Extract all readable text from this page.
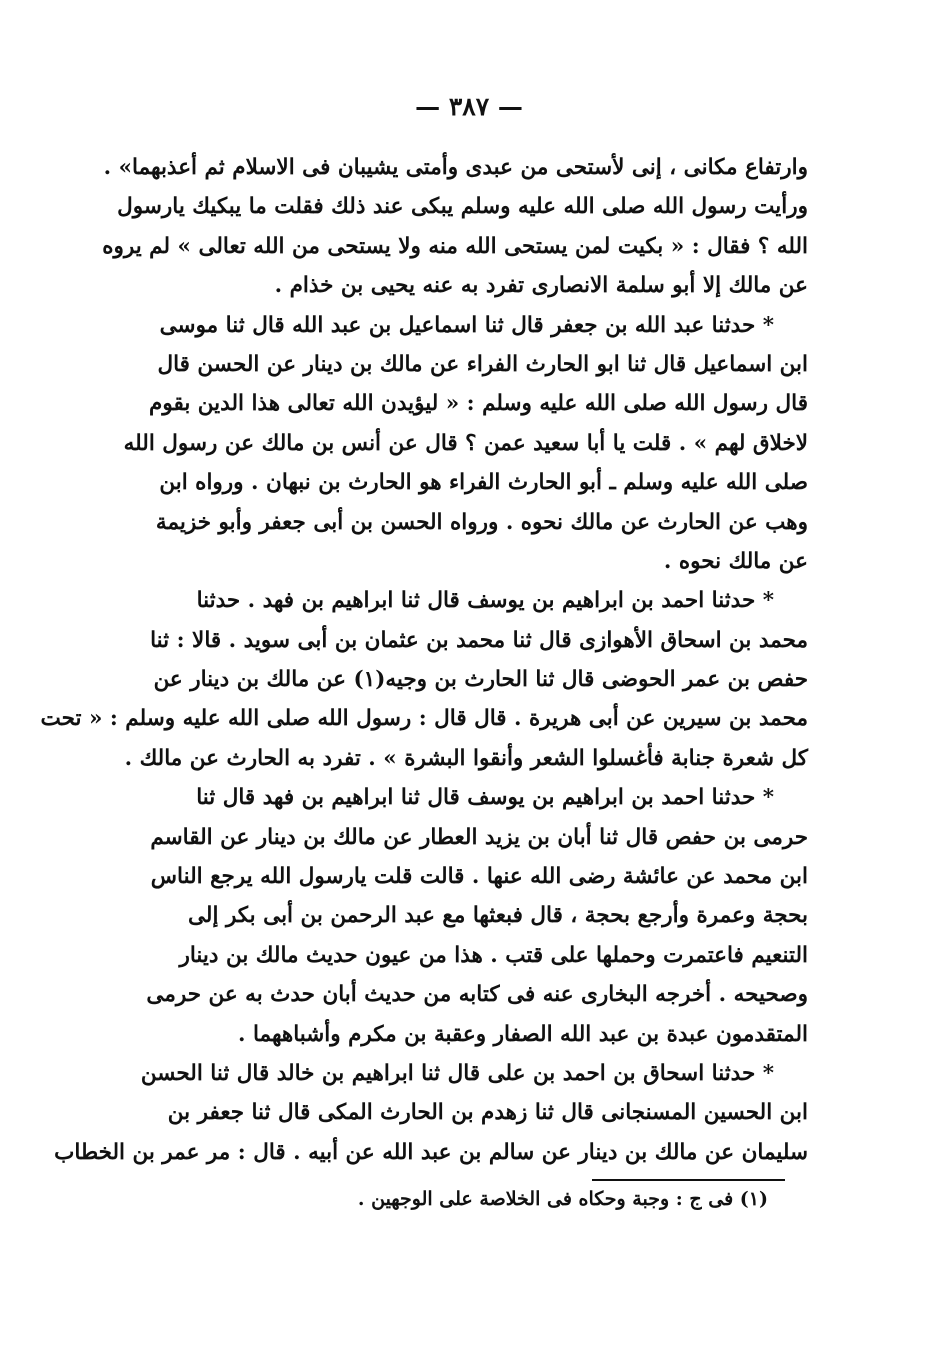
— ٣٨٧ —
وارتفاع مكانى ، إنى لأستحى من عبدى وأمتى يشيبان فى الاسلام ثم أعذبهما» .
ورأيت رسول الله صلى الله عليه وسلم يبكى عند ذلك فقلت ما يبكيك يارسول
الله ؟ فقال : « بكيت لمن يستحى الله منه ولا يستحى من الله تعالى » لم يروه
عن مالك إلا أبو سلمة الانصارى تفرد به عنه يحيى بن خذام .
* حدثنا عبد الله بن جعفر قال ثنا اسماعيل بن عبد الله قال ثنا موسى
ابن اسماعيل قال ثنا ابو الحارث الفراء عن مالك بن دينار عن الحسن قال
قال رسول الله صلى الله عليه وسلم : « ليؤيدن الله تعالى هذا الدين بقوم
لاخلاق لهم » . قلت يا أبا سعيد عمن ؟ قال عن أنس بن مالك عن رسول الله
صلى الله عليه وسلم ـ أبو الحارث الفراء هو الحارث بن نبهان . ورواه ابن
وهب عن الحارث عن مالك نحوه . ورواه الحسن بن أبى جعفر وأبو خزيمة
عن مالك نحوه .
* حدثنا احمد بن ابراهيم بن يوسف قال ثنا ابراهيم بن فهد . حدثنا
محمد بن اسحاق الأهوازى قال ثنا محمد بن عثمان بن أبى سويد . قالا : ثنا
حفص بن عمر الحوضى قال ثنا الحارث بن وجيه(١) عن مالك بن دينار عن
محمد بن سيرين عن أبى هريرة . قال قال : رسول الله صلى الله عليه وسلم : « تحت
كل شعرة جنابة فأغسلوا الشعر وأنقوا البشرة » . تفرد به الحارث عن مالك .
* حدثنا احمد بن ابراهيم بن يوسف قال ثنا ابراهيم بن فهد قال ثنا
حرمى بن حفص قال ثنا أبان بن يزيد العطار عن مالك بن دينار عن القاسم
ابن محمد عن عائشة رضى الله عنها . قالت قلت يارسول الله يرجع الناس
بحجة وعمرة وأرجع بحجة ، قال فبعثها مع عبد الرحمن بن أبى بكر إلى
التنعيم فاعتمرت وحملها على قتب . هذا من عيون حديث مالك بن دينار
وصحيحه . أخرجه البخارى عنه فى كتابه من حديث أبان حدث به عن حرمى
المتقدمون عبدة بن عبد الله الصفار وعقبة بن مكرم وأشباههما .
* حدثنا اسحاق بن احمد بن على قال ثنا ابراهيم بن خالد قال ثنا الحسن
ابن الحسين المسنجانى قال ثنا زهدم بن الحارث المكى قال ثنا جعفر بن
سليمان عن مالك بن دينار عن سالم بن عبد الله عن أبيه . قال : مر عمر بن الخطاب
(١) فى ج : وجبة وحكاه فى الخلاصة على الوجهين .
